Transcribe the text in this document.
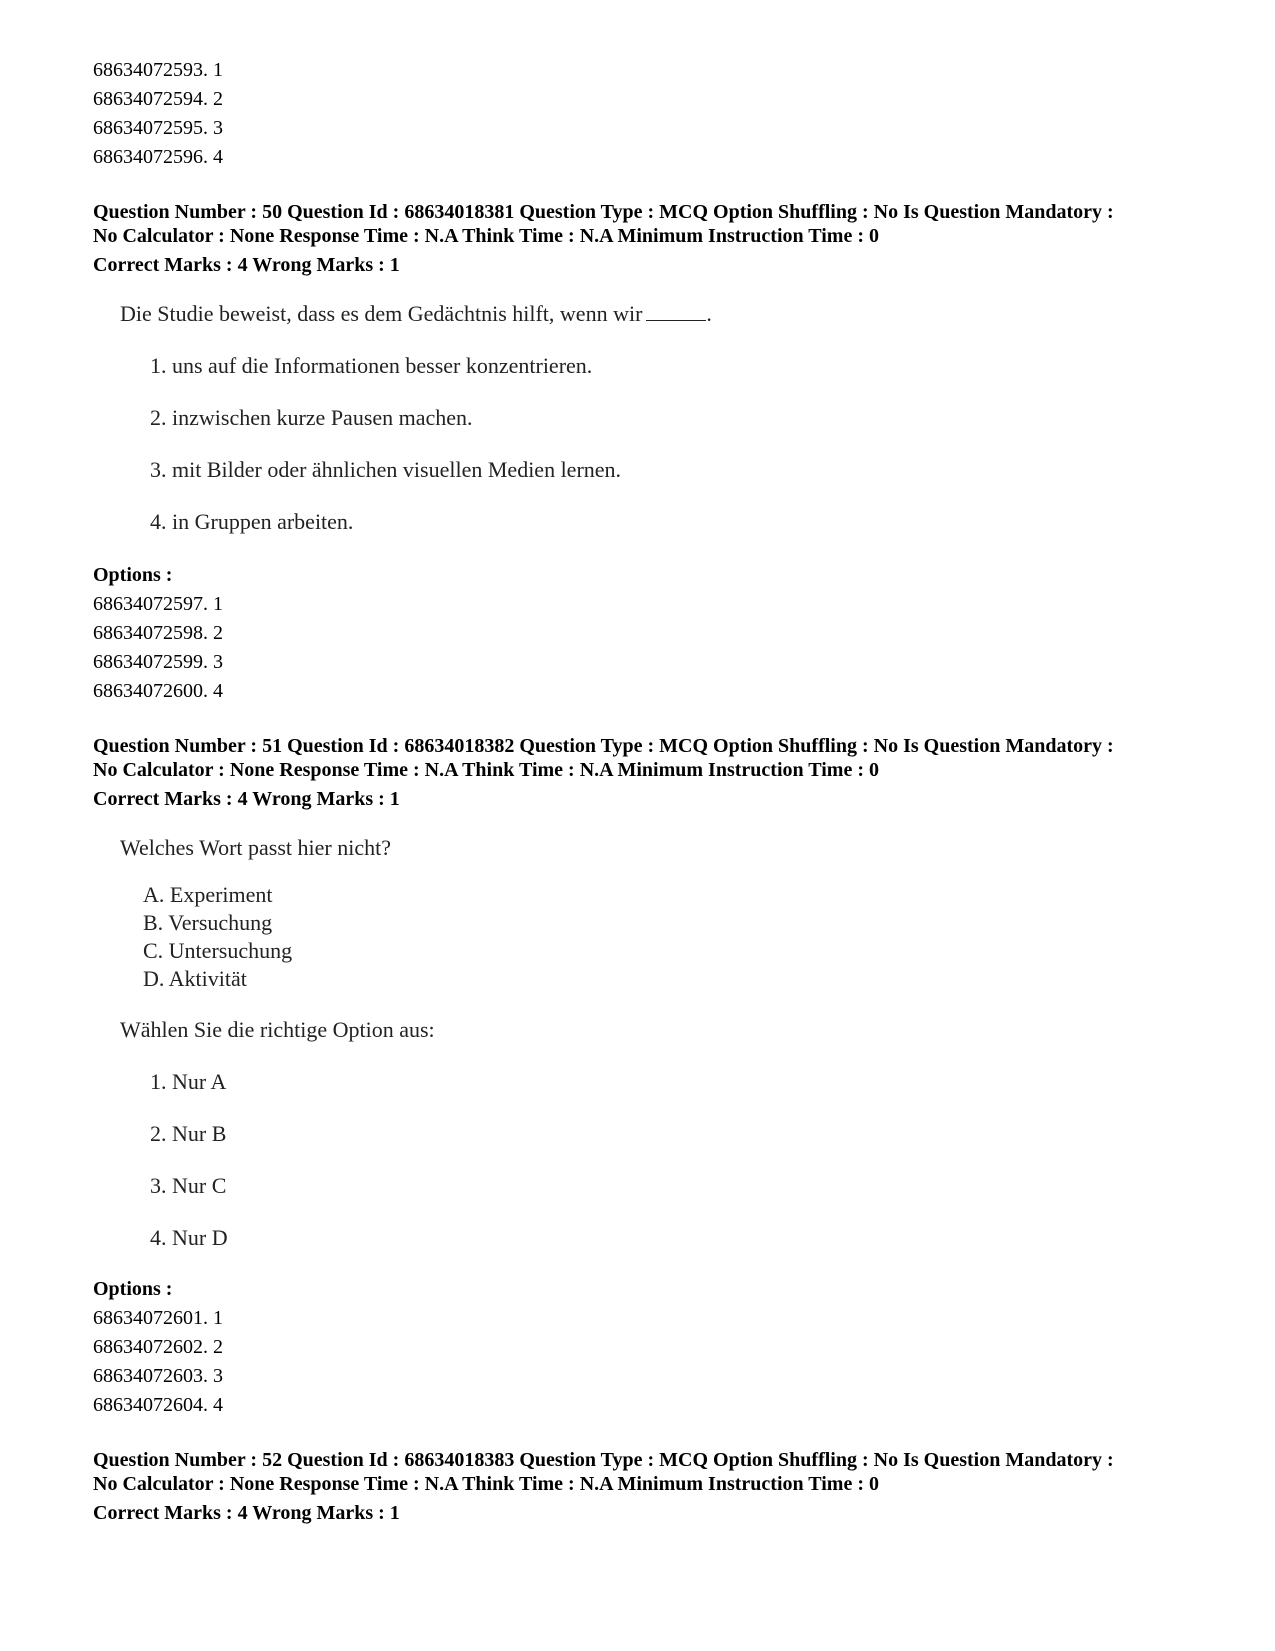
68634072593. 1
68634072594. 2
68634072595. 3
68634072596. 4
Question Number : 50 Question Id : 68634018381 Question Type : MCQ Option Shuffling : No Is Question Mandatory :
No Calculator : None Response Time : N.A Think Time : N.A Minimum Instruction Time : 0
Correct Marks : 4 Wrong Marks : 1
Die Studie beweist, dass es dem Gedächtnis hilft, wenn wir	.
1. uns auf die Informationen besser konzentrieren.
2. inzwischen kurze Pausen machen.
3. mit Bilder oder ähnlichen visuellen Medien lernen.
4. in Gruppen arbeiten.
Options :
68634072597. 1
68634072598. 2
68634072599. 3
68634072600. 4
Question Number : 51 Question Id : 68634018382 Question Type : MCQ Option Shuffling : No Is Question Mandatory :
No Calculator : None Response Time : N.A Think Time : N.A Minimum Instruction Time : 0
Correct Marks : 4 Wrong Marks : 1
Welches Wort passt hier nicht?
A. Experiment
B. Versuchung
C. Untersuchung
D. Aktivität
Wählen Sie die richtige Option aus:
1. Nur A
2. Nur B
3. Nur C
4. Nur D
Options :
68634072601. 1
68634072602. 2
68634072603. 3
68634072604. 4
Question Number : 52 Question Id : 68634018383 Question Type : MCQ Option Shuffling : No Is Question Mandatory :
No Calculator : None Response Time : N.A Think Time : N.A Minimum Instruction Time : 0
Correct Marks : 4 Wrong Marks : 1
